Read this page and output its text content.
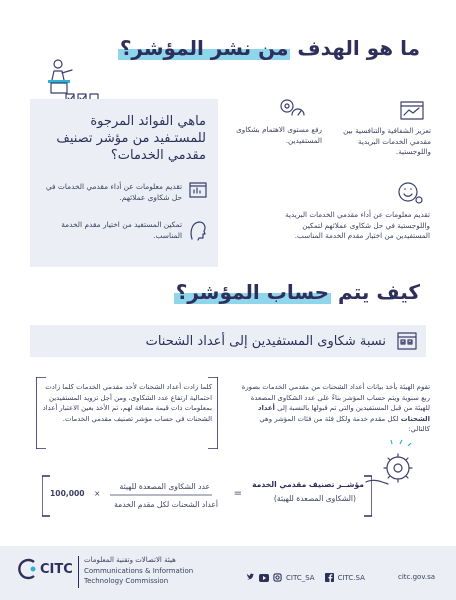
ما هو الهدف من نشر المؤشر؟
ماهي الفوائد المرجوة للمستـفيد من مؤشر تصنيف مقدمي الخدمات؟

تقديم معلومات عن أداء مقدمي الخدمات في حل شكاوى عملائهم.

تمكين المستفيد من اختيار مقدم الخدمة المناسب.

تعزيز الشفافية والتنافسية بين مقدمي الخدمات البريدية واللوجستية.

رفع مستوى الاهتمام بشكاوى المستفيدين.

تقديم معلومات عن أداء مقدمي الخدمات البريدية واللوجستية في حل شكاوى عملائهم لتمكين المستفيدين من اختيار مقدم الخدمة المناسب.

كيف يتم حساب المؤشر؟
نسبة شكاوى المستفيدين إلى أعداد الشحنات

تقوم الهيئة بأخذ بيانات أعداد الشحنات من مقدمي الخدمات بصورة ربع سنوية ويتم حساب المؤشر بناءً على عدد الشكاوى المصعدة للهيئة من قبل المستفيدين والتي تم قبولها بالنسبة إلى أعداد الشحنات لكل مقدم خدمة ولكل فئة من فئات المؤشر وهي كالتالي:

كلما زادت أعداد الشحنات لأحد مقدمي الخدمات كلما زادت احتمالية ارتفاع عدد الشكاوى، ومن أجل تزويد المستفيدين بمعلومات ذات قيمة مضافة لهم، تم الأخذ بعين الاعتبار أعداد الشحنات في حساب مؤشر تصنيف مقدمي الخدمات.

مؤشــر تصنيف مقدمي الخدمة
(الشكاوى المصعدة للهيئة)
=
عدد الشكاوى المصعدة للهيئة
أعداد الشحنات لكل مقدم الخدمة
×
100,000
CITC
هيئة الاتصالات وتقنية المعلومات
Communications & Information
Technology Commission	CITC_SA	CITC.SA	citc.gov.sa
